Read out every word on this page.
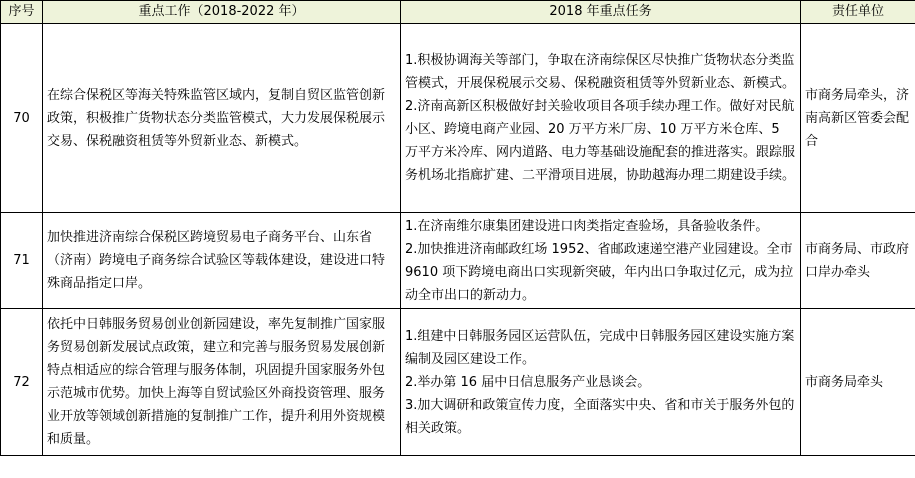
序号	重点工作（2018-2022 年）	2018 年重点任务	责任单位
70	在综合保税区等海关特殊监管区域内，复制自贸区监管创新政策，积极推广货物状态分类监管模式，大力发展保税展示交易、保税融资租赁等外贸新业态、新模式。	1.积极协调海关等部门，争取在济南综保区尽快推广货物状态分类监管模式，开展保税展示交易、保税融资租赁等外贸新业态、新模式。

2.济南高新区积极做好封关验收项目各项手续办理工作。做好对民航小区、跨境电商产业园、20 万平方米厂房、10 万平方米仓库、5 万平方米冷库、网内道路、电力等基础设施配套的推进落实。跟踪服务机场北指廊扩建、二平滑项目进展，协助越海办理二期建设手续。	市商务局牵头，济南高新区管委会配合
71	加快推进济南综合保税区跨境贸易电子商务平台、山东省（济南）跨境电子商务综合试验区等载体建设，建设进口特殊商品指定口岸。	1.在济南维尔康集团建设进口肉类指定查验场，具备验收条件。

2.加快推进济南邮政红场 1952、省邮政速递空港产业园建设。全市 9610 项下跨境电商出口实现新突破，年内出口争取过亿元，成为拉动全市出口的新动力。	市商务局、市政府口岸办牵头
72	依托中日韩服务贸易创业创新园建设，率先复制推广国家服务贸易创新发展试点政策，建立和完善与服务贸易发展创新特点相适应的综合管理与服务体制，巩固提升国家服务外包示范城市优势。加快上海等自贸试验区外商投资管理、服务业开放等领域创新措施的复制推广工作，提升利用外资规模和质量。	1.组建中日韩服务园区运营队伍，完成中日韩服务园区建设实施方案编制及园区建设工作。

2.举办第 16 届中日信息服务产业恳谈会。

3.加大调研和政策宣传力度，全面落实中央、省和市关于服务外包的相关政策。	市商务局牵头
